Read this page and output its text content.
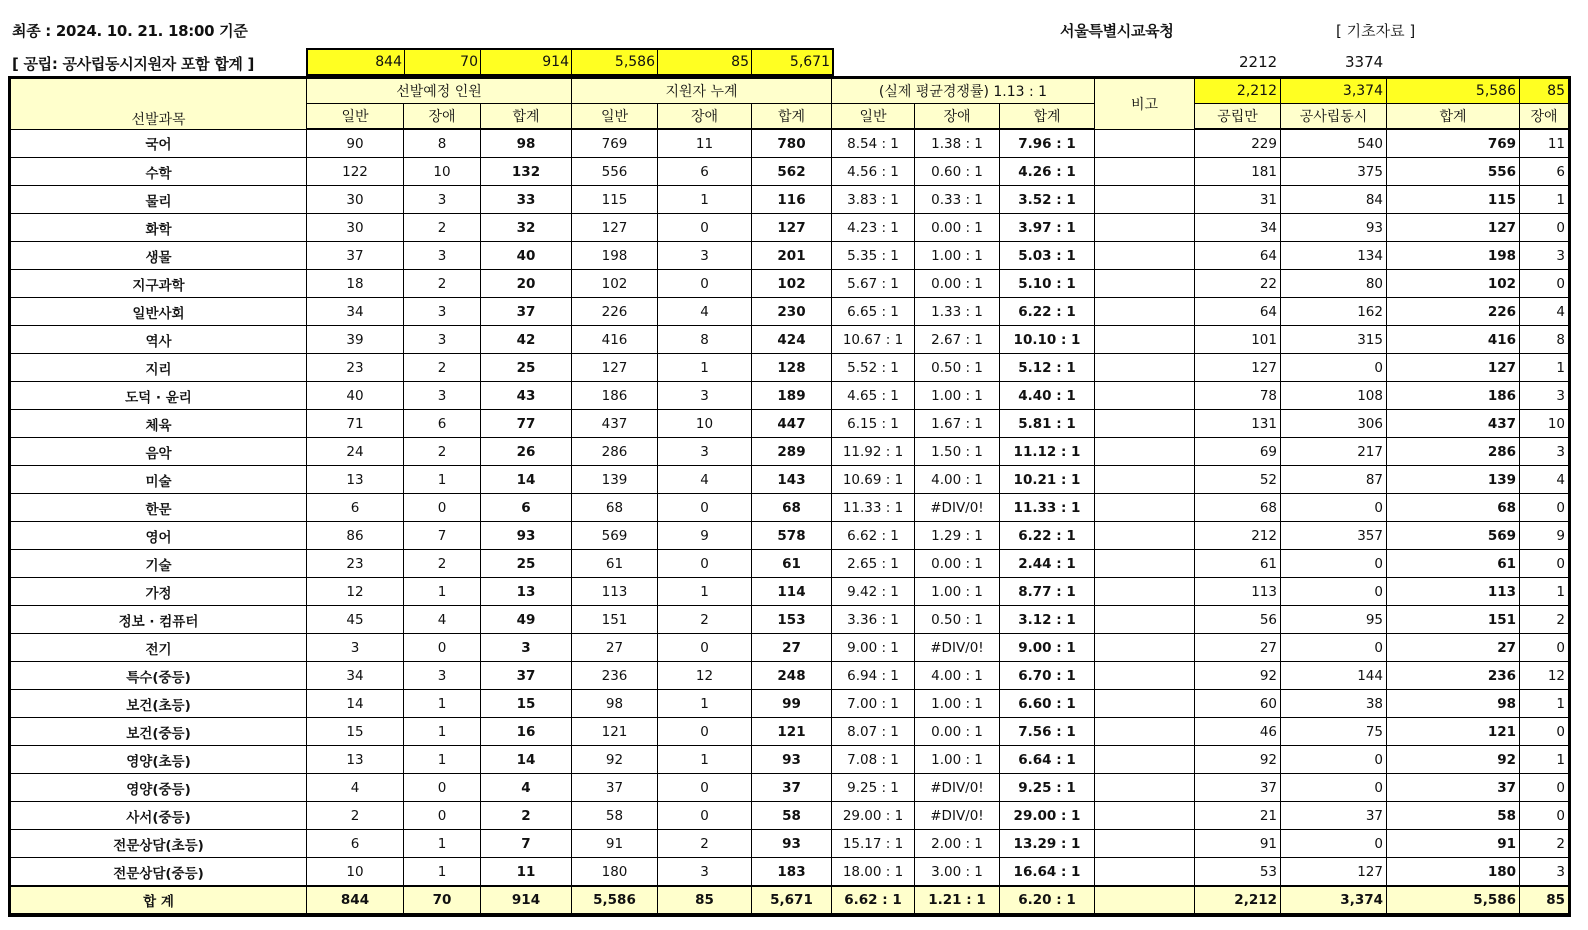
최종 : 2024. 10. 21. 18:00 기준	서울특별시교육청	[ 기초자료 ]
[ 공립: 공사립동시지원자 포함 합계 ]	844	70	914	5,586	85	5,671	2212	3374
선발과목	선발예정 인원			지원자 누계			(실제 평균경쟁률) 1.13 : 1			비고	2,212	3,374	5,586	85
	일반	장애	합계	일반	장애	합계	일반	장애	합계		공립만	공사립동시	합계	장애
국어	90	8	98	769	11	780	8.54 : 1	1.38 : 1	7.96 : 1		229	540	769	11
수학	122	10	132	556	6	562	4.56 : 1	0.60 : 1	4.26 : 1		181	375	556	6
물리	30	3	33	115	1	116	3.83 : 1	0.33 : 1	3.52 : 1		31	84	115	1
화학	30	2	32	127	0	127	4.23 : 1	0.00 : 1	3.97 : 1		34	93	127	0
생물	37	3	40	198	3	201	5.35 : 1	1.00 : 1	5.03 : 1		64	134	198	3
지구과학	18	2	20	102	0	102	5.67 : 1	0.00 : 1	5.10 : 1		22	80	102	0
일반사회	34	3	37	226	4	230	6.65 : 1	1.33 : 1	6.22 : 1		64	162	226	4
역사	39	3	42	416	8	424	10.67 : 1	2.67 : 1	10.10 : 1		101	315	416	8
지리	23	2	25	127	1	128	5.52 : 1	0.50 : 1	5.12 : 1		127	0	127	1
도덕 · 윤리	40	3	43	186	3	189	4.65 : 1	1.00 : 1	4.40 : 1		78	108	186	3
체육	71	6	77	437	10	447	6.15 : 1	1.67 : 1	5.81 : 1		131	306	437	10
음악	24	2	26	286	3	289	11.92 : 1	1.50 : 1	11.12 : 1		69	217	286	3
미술	13	1	14	139	4	143	10.69 : 1	4.00 : 1	10.21 : 1		52	87	139	4
한문	6	0	6	68	0	68	11.33 : 1	#DIV/0!	11.33 : 1		68	0	68	0
영어	86	7	93	569	9	578	6.62 : 1	1.29 : 1	6.22 : 1		212	357	569	9
기술	23	2	25	61	0	61	2.65 : 1	0.00 : 1	2.44 : 1		61	0	61	0
가정	12	1	13	113	1	114	9.42 : 1	1.00 : 1	8.77 : 1		113	0	113	1
정보 · 컴퓨터	45	4	49	151	2	153	3.36 : 1	0.50 : 1	3.12 : 1		56	95	151	2
전기	3	0	3	27	0	27	9.00 : 1	#DIV/0!	9.00 : 1		27	0	27	0
특수(중등)	34	3	37	236	12	248	6.94 : 1	4.00 : 1	6.70 : 1		92	144	236	12
보건(초등)	14	1	15	98	1	99	7.00 : 1	1.00 : 1	6.60 : 1		60	38	98	1
보건(중등)	15	1	16	121	0	121	8.07 : 1	0.00 : 1	7.56 : 1		46	75	121	0
영양(초등)	13	1	14	92	1	93	7.08 : 1	1.00 : 1	6.64 : 1		92	0	92	1
영양(중등)	4	0	4	37	0	37	9.25 : 1	#DIV/0!	9.25 : 1		37	0	37	0
사서(중등)	2	0	2	58	0	58	29.00 : 1	#DIV/0!	29.00 : 1		21	37	58	0
전문상담(초등)	6	1	7	91	2	93	15.17 : 1	2.00 : 1	13.29 : 1		91	0	91	2
전문상담(중등)	10	1	11	180	3	183	18.00 : 1	3.00 : 1	16.64 : 1		53	127	180	3
합 계	844	70	914	5,586	85	5,671	6.62 : 1	1.21 : 1	6.20 : 1		2,212	3,374	5,586	85
